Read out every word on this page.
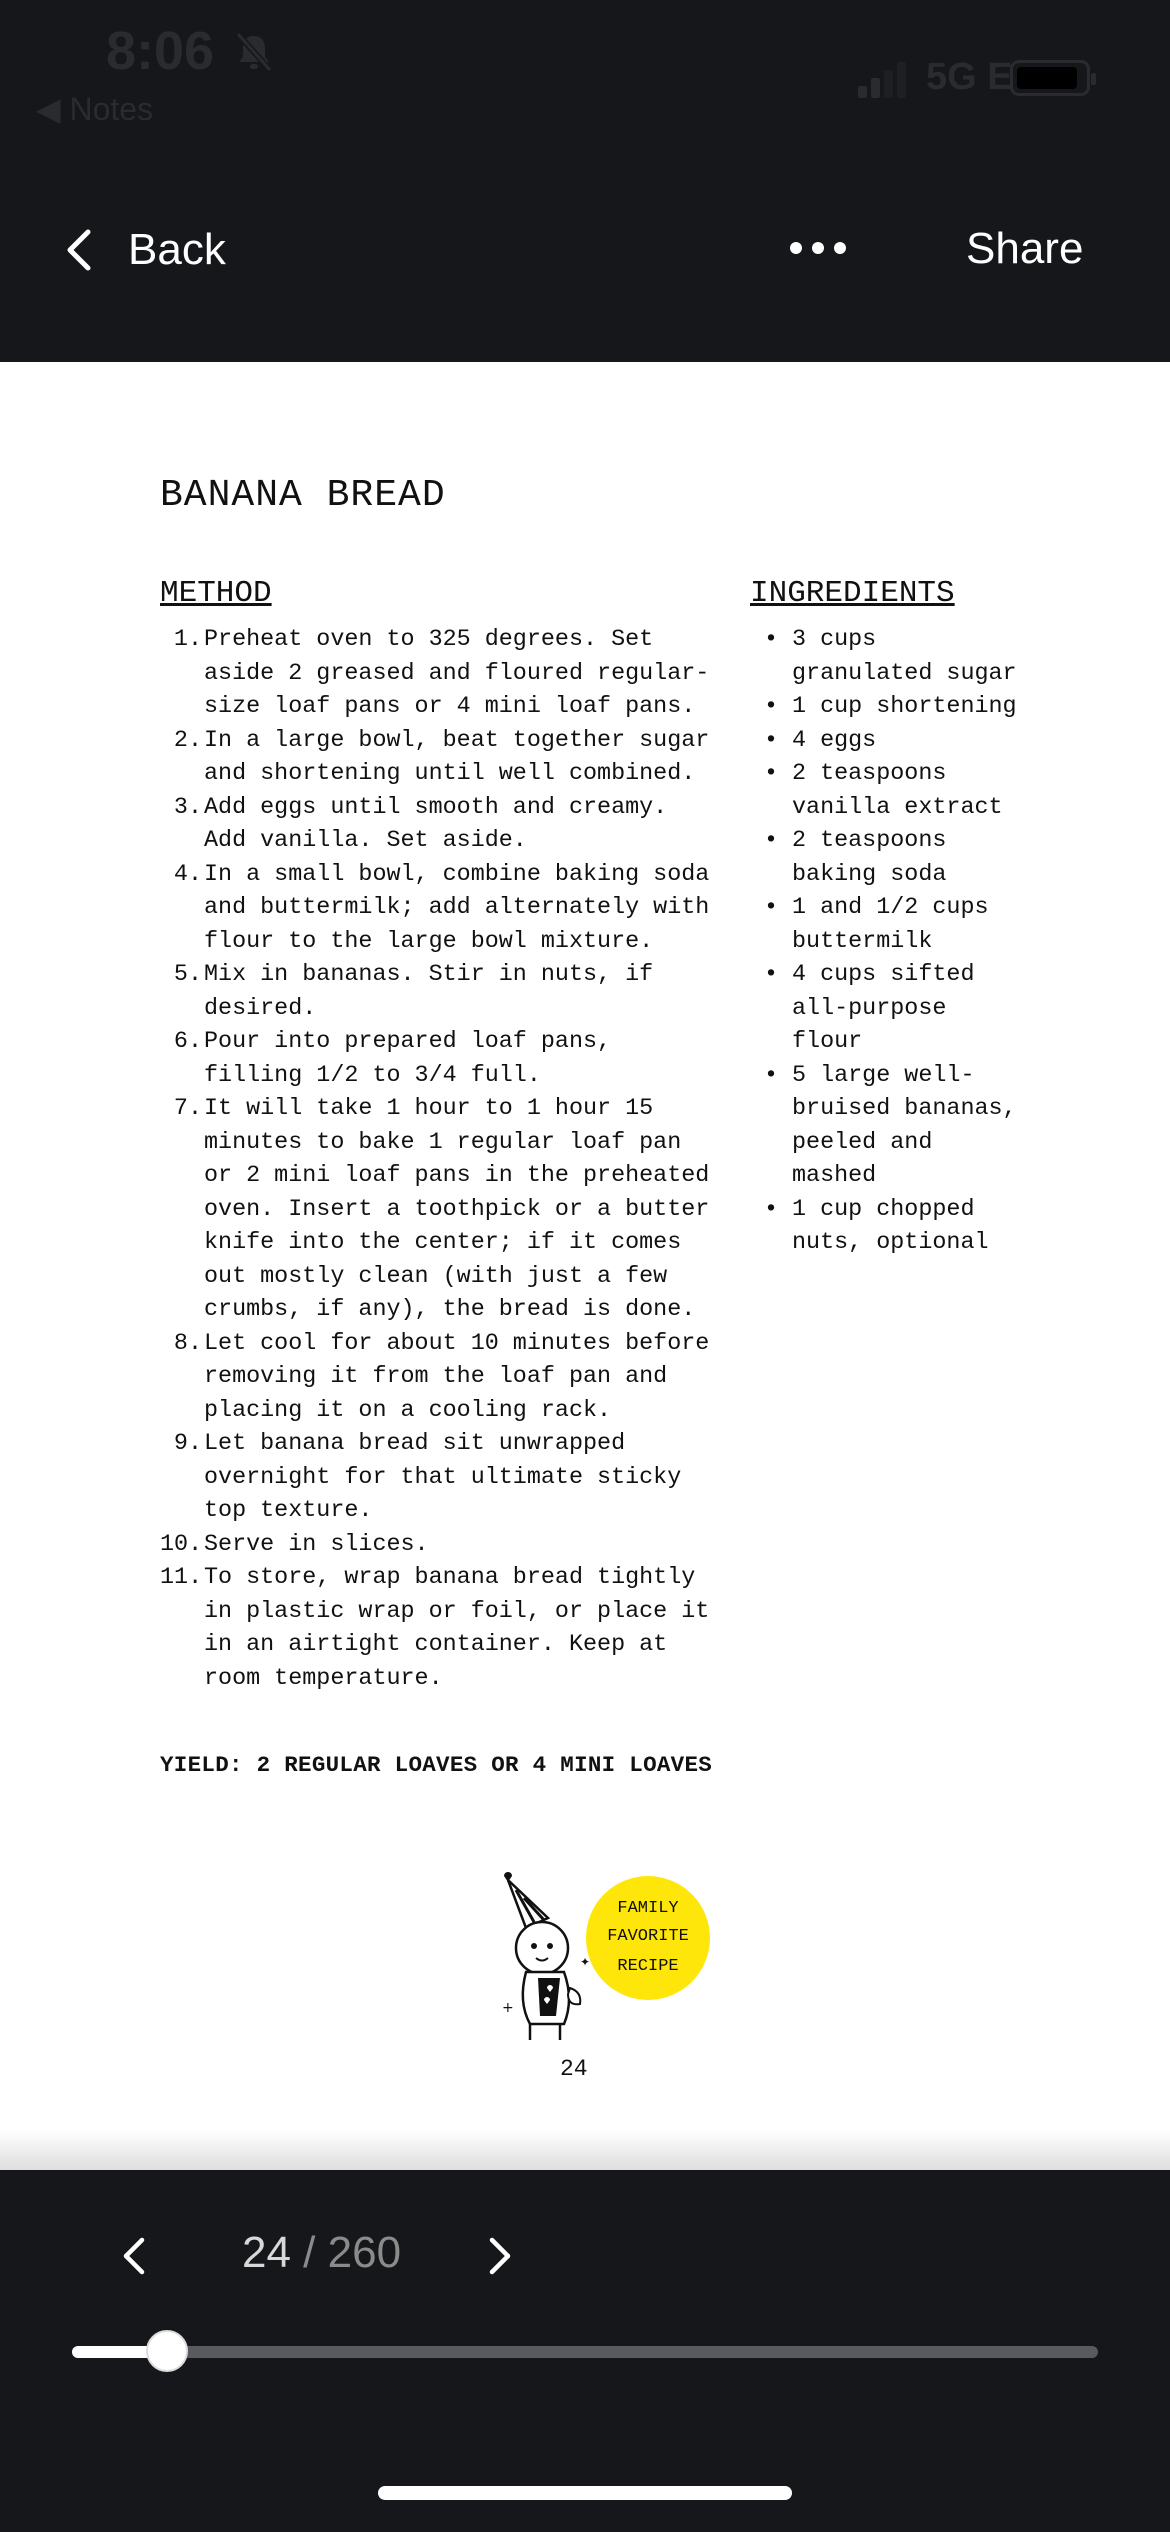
8:06
◀ Notes
5G E
Back	Share
BANANA BREAD
METHOD	INGREDIENTS
1. Preheat oven to 325 degrees. Set
aside 2 greased and floured regular-
size loaf pans or 4 mini loaf pans.
2. In a large bowl, beat together sugar
and shortening until well combined.
3. Add eggs until smooth and creamy.
Add vanilla. Set aside.
4. In a small bowl, combine baking soda
and buttermilk; add alternately with
flour to the large bowl mixture.
5. Mix in bananas. Stir in nuts, if
desired.
6. Pour into prepared loaf pans,
filling 1/2 to 3/4 full.
7. It will take 1 hour to 1 hour 15
minutes to bake 1 regular loaf pan
or 2 mini loaf pans in the preheated
oven. Insert a toothpick or a butter
knife into the center; if it comes
out mostly clean (with just a few
crumbs, if any), the bread is done.
8. Let cool for about 10 minutes before
removing it from the loaf pan and
placing it on a cooling rack.
9. Let banana bread sit unwrapped
overnight for that ultimate sticky
top texture.
10. Serve in slices.
11. To store, wrap banana bread tightly
in plastic wrap or foil, or place it
in an airtight container. Keep at
room temperature.
• 3 cups
granulated sugar
• 1 cup shortening
• 4 eggs
• 2 teaspoons
vanilla extract
• 2 teaspoons
baking soda
• 1 and 1/2 cups
buttermilk
• 4 cups sifted
all-purpose
flour
• 5 large well-
bruised bananas,
peeled and
mashed
• 1 cup chopped
nuts, optional
YIELD: 2 REGULAR LOAVES OR 4 MINI LOAVES
+
✦
FAMILY
FAVORITE
RECIPE
24
24 / 260
